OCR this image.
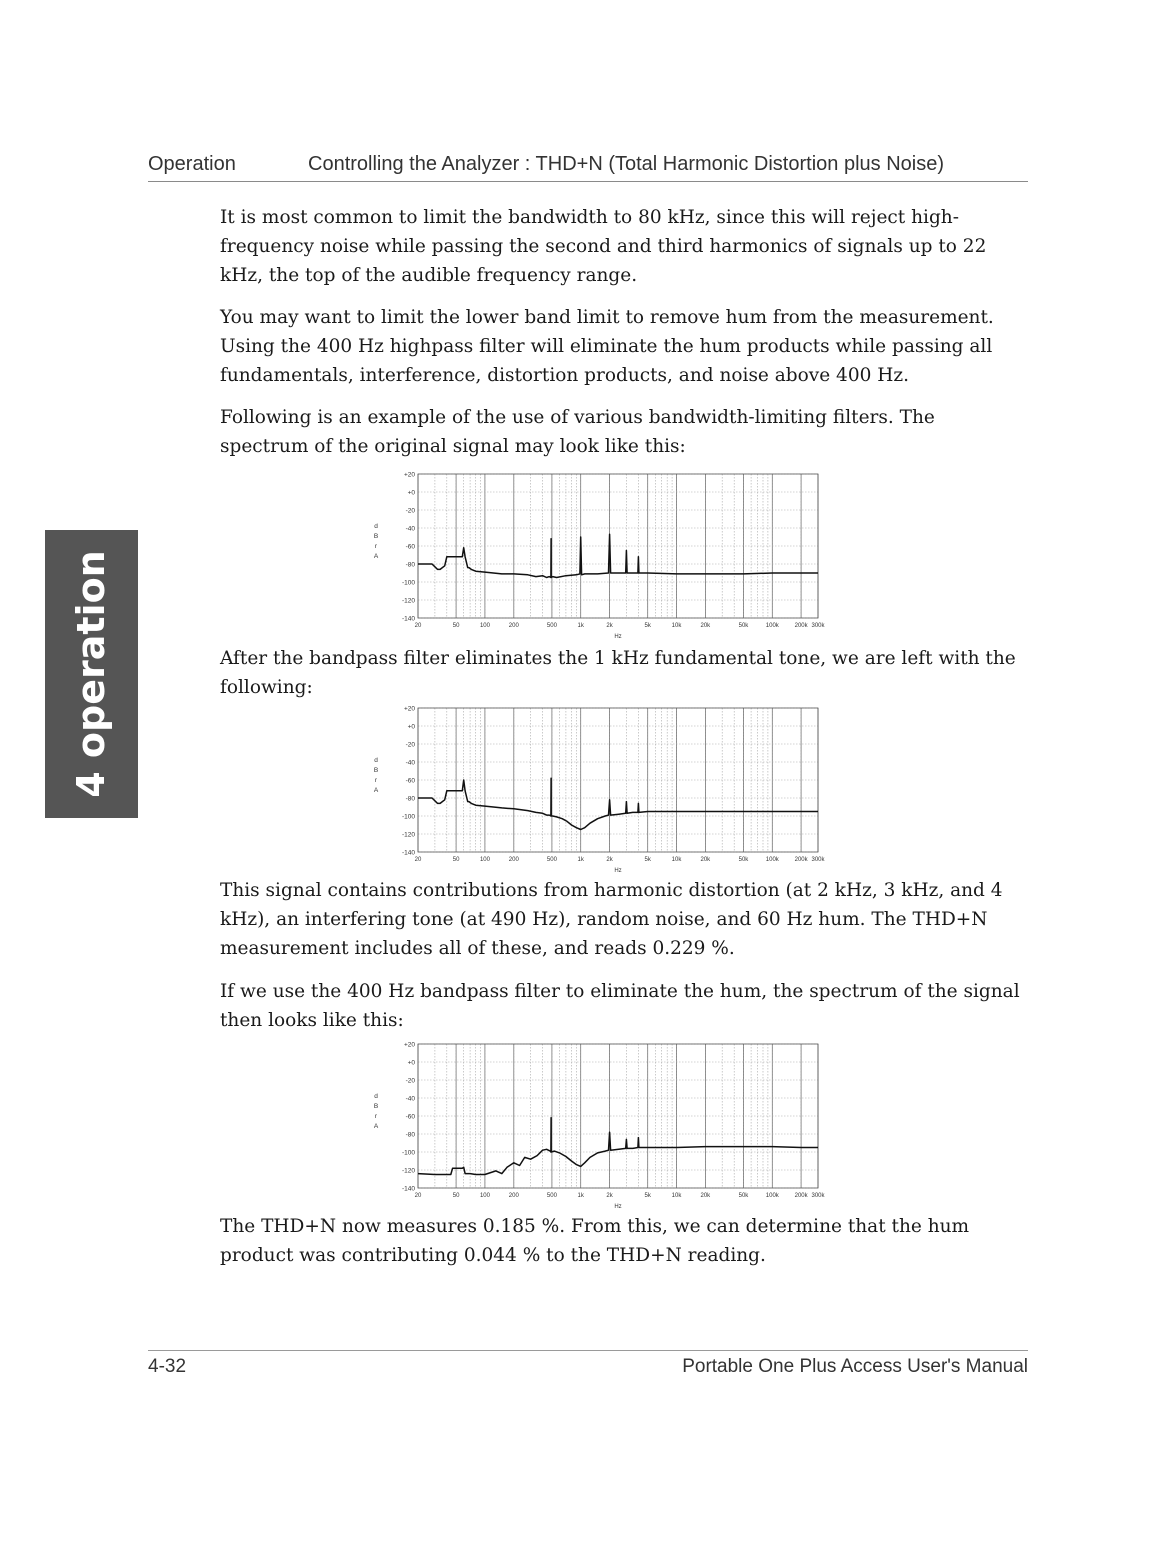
Operation	Controlling the Analyzer : THD+N (Total Harmonic Distortion plus Noise)
4 operation

It is most common to limit the bandwidth to 80 kHz, since this will reject high-frequency noise while passing the second and third harmonics of signals up to 22 kHz, the top of the audible frequency range.

You may want to limit the lower band limit to remove hum from the measurement. Using the 400 Hz highpass filter will eliminate the hum products while passing all fundamentals, interference, distortion products, and noise above 400 Hz.

Following is an example of the use of various bandwidth-limiting filters. The spectrum of the original signal may look like this:

+20
+0
-20
-40
-60
-80
-100
-120
-140
20	50	100	200	500	1k	2k	5k	10k	20k	50k	100k	200k 300k
Hz
d
B
r
A

After the bandpass filter eliminates the 1 kHz fundamental tone, we are left with the following:

+20
+0
-20
-40
-60
-80
-100
-120
-140
20	50	100	200	500	1k	2k	5k	10k	20k	50k	100k	200k 300k
Hz
d
B
r
A

This signal contains contributions from harmonic distortion (at 2 kHz, 3 kHz, and 4 kHz), an interfering tone (at 490 Hz), random noise, and 60 Hz hum. The THD+N measurement includes all of these, and reads 0.229 %.

If we use the 400 Hz bandpass filter to eliminate the hum, the spectrum of the signal then looks like this:

+20
+0
-20
-40
-60
-80
-100
-120
-140
20	50	100	200	500	1k	2k	5k	10k	20k	50k	100k	200k 300k
Hz
d
B
r
A

The THD+N now measures 0.185 %. From this, we can determine that the hum product was contributing 0.044 % to the THD+N reading.

4-32	Portable One Plus Access User's Manual
